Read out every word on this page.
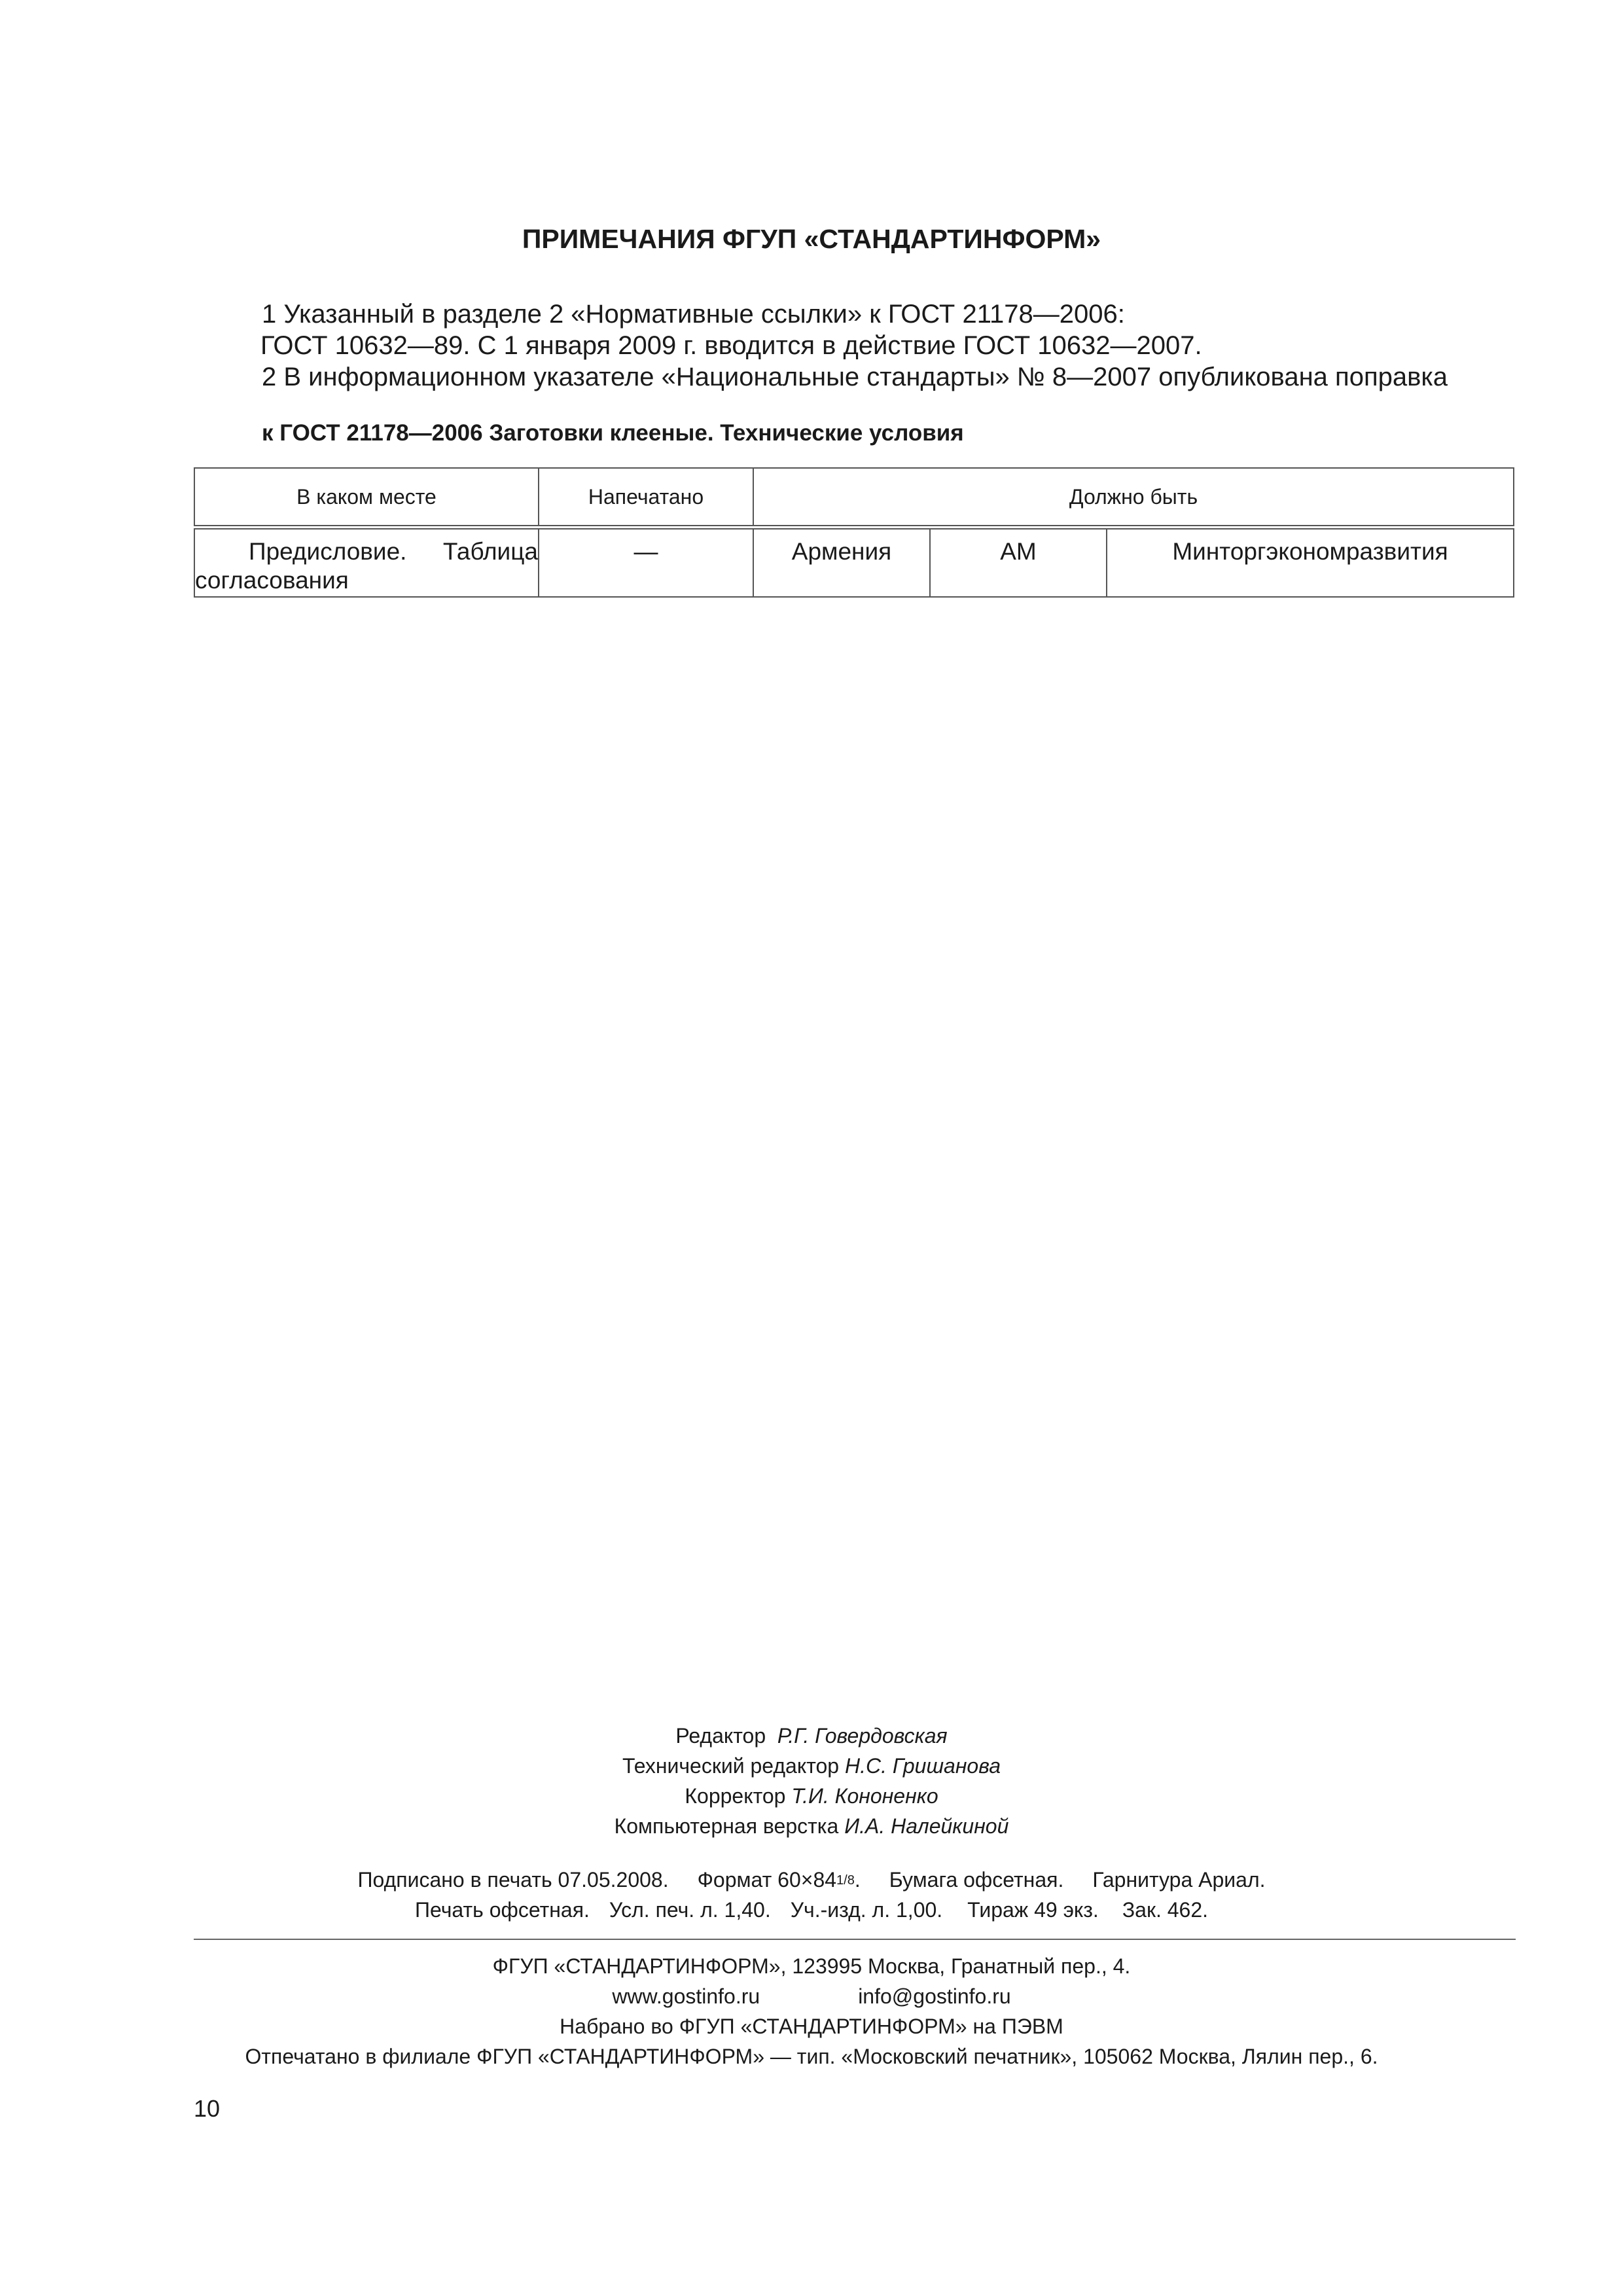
ПРИМЕЧАНИЯ ФГУП «СТАНДАРТИНФОРМ»
1 Указанный в разделе 2 «Нормативные ссылки» к ГОСТ 21178—2006:
ГОСТ 10632—89. С 1 января 2009 г. вводится в действие ГОСТ 10632—2007.
2 В информационном указателе «Национальные стандарты» № 8—2007 опубликована поправка
к ГОСТ 21178—2006 Заготовки клееные. Технические условия
В каком месте	Напечатано	Должно быть		
Предисловие. Таблица согласования	—	Армения	AM	Минторгэкономразвития
Редактор Р.Г. Говердовская
Технический редактор Н.С. Гришанова
Корректор Т.И. Кононенко
Компьютерная верстка И.А. Налейкиной
Подписано в печать 07.05.2008. Формат 60×841/8. Бумага офсетная. Гарнитура Ариал.
Печать офсетная. Усл. печ. л. 1,40. Уч.-изд. л. 1,00. Тираж 49 экз. Зак. 462.
ФГУП «СТАНДАРТИНФОРМ», 123995 Москва, Гранатный пер., 4.
www.gostinfo.ru	info@gostinfo.ru
Набрано во ФГУП «СТАНДАРТИНФОРМ» на ПЭВМ
Отпечатано в филиале ФГУП «СТАНДАРТИНФОРМ» — тип. «Московский печатник», 105062 Москва, Лялин пер., 6.
10
